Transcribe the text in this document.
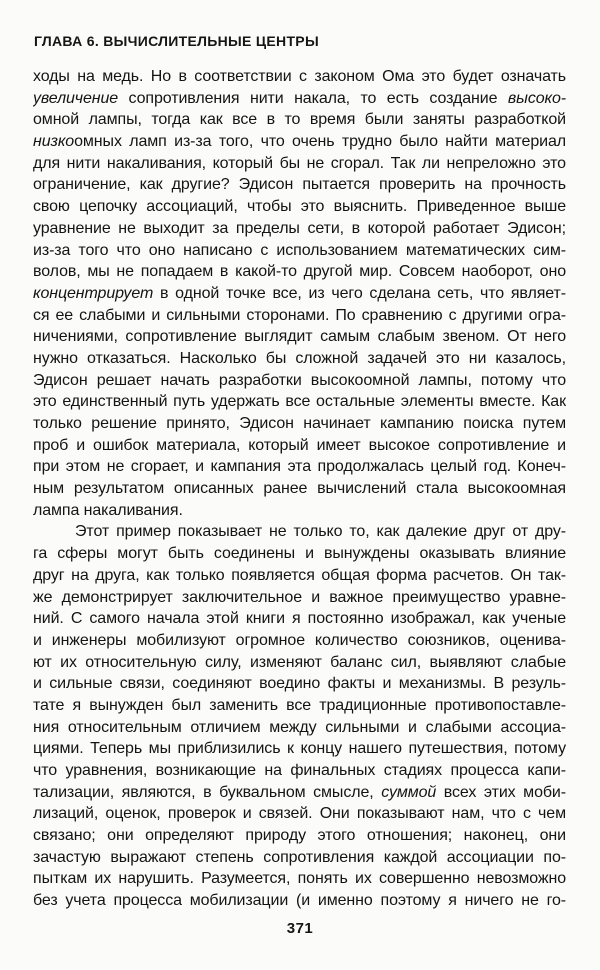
ГЛАВА 6. ВЫЧИСЛИТЕЛЬНЫЕ ЦЕНТРЫ
ходы на медь. Но в соответствии с законом Ома это будет означать
увеличение сопротивления нити накала, то есть создание высоко-
омной лампы, тогда как все в то время были заняты разработкой
низкоомных ламп из-за того, что очень трудно было найти материал
для нити накаливания, который бы не сгорал. Так ли непреложно это
ограничение, как другие? Эдисон пытается проверить на прочность
свою цепочку ассоциаций, чтобы это выяснить. Приведенное выше
уравнение не выходит за пределы сети, в которой работает Эдисон;
из-за того что оно написано с использованием математических сим-
волов, мы не попадаем в какой-то другой мир. Совсем наоборот, оно
концентрирует в одной точке все, из чего сделана сеть, что являет-
ся ее слабыми и сильными сторонами. По сравнению с другими огра-
ничениями, сопротивление выглядит самым слабым звеном. От него
нужно отказаться. Насколько бы сложной задачей это ни казалось,
Эдисон решает начать разработки высокоомной лампы, потому что
это единственный путь удержать все остальные элементы вместе. Как
только решение принято, Эдисон начинает кампанию поиска путем
проб и ошибок материала, который имеет высокое сопротивление и
при этом не сгорает, и кампания эта продолжалась целый год. Конеч-
ным результатом описанных ранее вычислений стала высокоомная
лампа накаливания.
Этот пример показывает не только то, как далекие друг от дру-
га сферы могут быть соединены и вынуждены оказывать влияние
друг на друга, как только появляется общая форма расчетов. Он так-
же демонстрирует заключительное и важное преимущество уравне-
ний. С самого начала этой книги я постоянно изображал, как ученые
и инженеры мобилизуют огромное количество союзников, оценива-
ют их относительную силу, изменяют баланс сил, выявляют слабые
и сильные связи, соединяют воедино факты и механизмы. В резуль-
тате я вынужден был заменить все традиционные противопоставле-
ния относительным отличием между сильными и слабыми ассоциа-
циями. Теперь мы приблизились к концу нашего путешествия, потому
что уравнения, возникающие на финальных стадиях процесса капи-
тализации, являются, в буквальном смысле, суммой всех этих моби-
лизаций, оценок, проверок и связей. Они показывают нам, что с чем
связано; они определяют природу этого отношения; наконец, они
зачастую выражают степень сопротивления каждой ассоциации по-
пыткам их нарушить. Разумеется, понять их совершенно невозможно
без учета процесса мобилизации (и именно поэтому я ничего не го-
371
